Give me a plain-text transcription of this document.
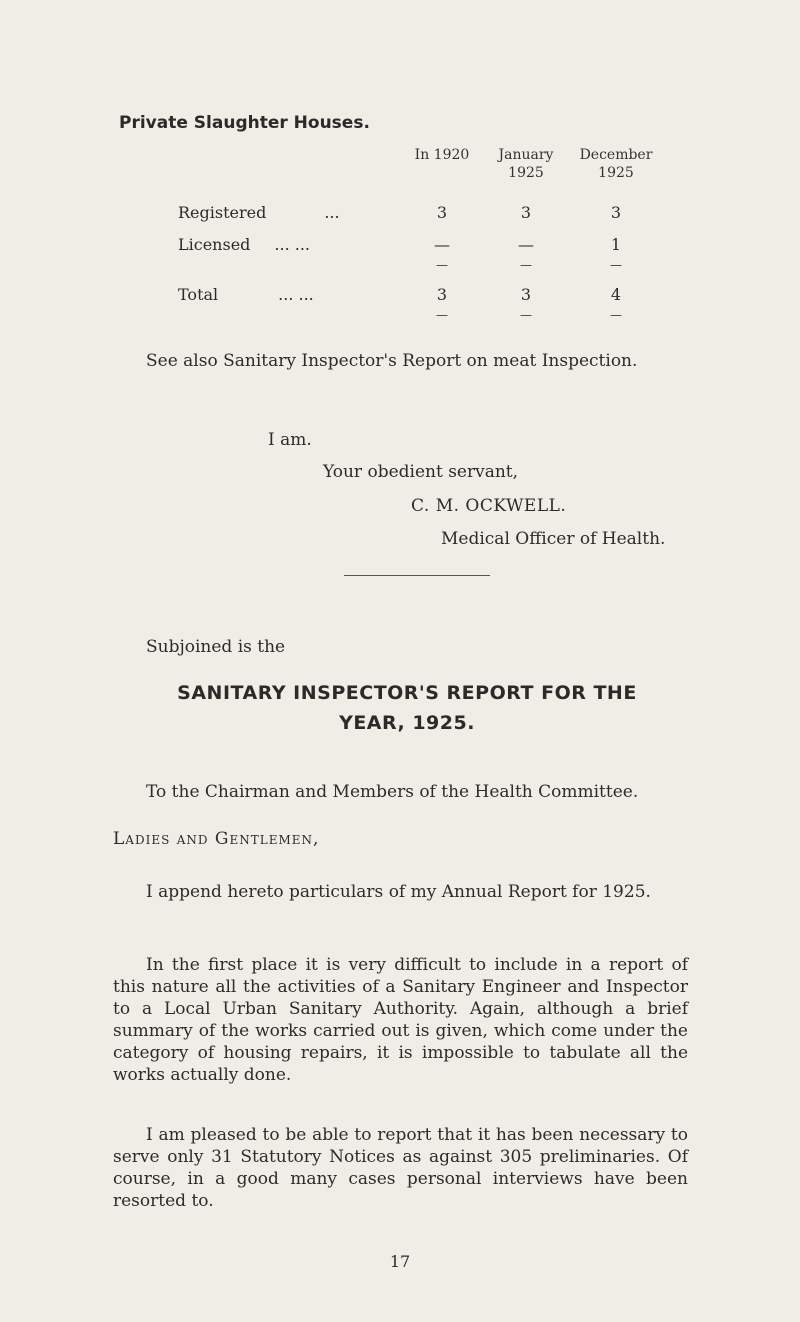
Private Slaughter Houses.
	In 1920	January 1925	December 1925

Registered ...	3	3	3
Licensed ... ...	—	—	1
	—	—	—

Total ... ...	3	3	4
	—	—	—
See also Sanitary Inspector's Report on meat Inspection.
I am.
Your obedient servant,
C. M. OCKWELL.
Medical Officer of Health.
Subjoined is the
SANITARY INSPECTOR'S REPORT FOR THE
YEAR, 1925.
To the Chairman and Members of the Health Committee.
Ladies and Gentlemen,
I append hereto particulars of my Annual Report for 1925.
In the first place it is very difficult to include in a report of this nature all the activities of a Sanitary Engineer and Inspector to a Local Urban Sanitary Authority. Again, although a brief summary of the works carried out is given, which come under the category of housing repairs, it is impossible to tabulate all the works actually done.
I am pleased to be able to report that it has been necessary to serve only 31 Statutory Notices as against 305 preliminaries. Of course, in a good many cases personal interviews have been resorted to.
17
